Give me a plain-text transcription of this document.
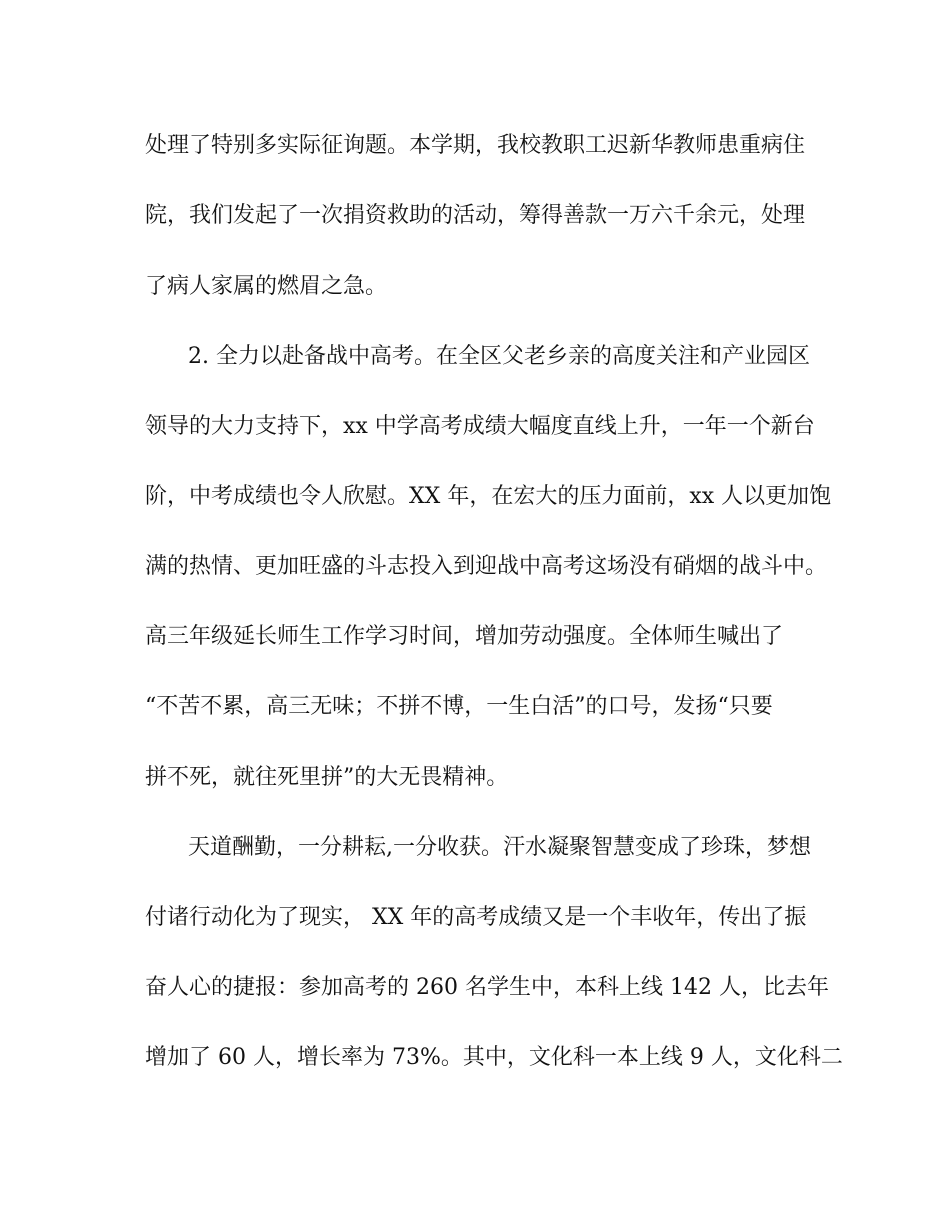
处理了特别多实际征询题。本学期，我校教职工迟新华教师患重病住

院，我们发起了一次捐资救助的活动，筹得善款一万六千余元，处理

了病人家属的燃眉之急。

2. 全力以赴备战中高考。在全区父老乡亲的高度关注和产业园区

领导的大力支持下，xx 中学高考成绩大幅度直线上升，一年一个新台

阶，中考成绩也令人欣慰。XX 年，在宏大的压力面前，xx 人以更加饱

满的热情、更加旺盛的斗志投入到迎战中高考这场没有硝烟的战斗中。

高三年级延长师生工作学习时间，增加劳动强度。全体师生喊出了

“不苦不累，高三无味；不拼不博，一生白活”的口号，发扬“只要

拼不死，就往死里拼”的大无畏精神。

天道酬勤，一分耕耘,一分收获。汗水凝聚智慧变成了珍珠，梦想

付诸行动化为了现实， XX 年的高考成绩又是一个丰收年，传出了振

奋人心的捷报：参加高考的 260 名学生中，本科上线 142 人，比去年

增加了 60 人，增长率为 73%。其中，文化科一本上线 9 人，文化科二
